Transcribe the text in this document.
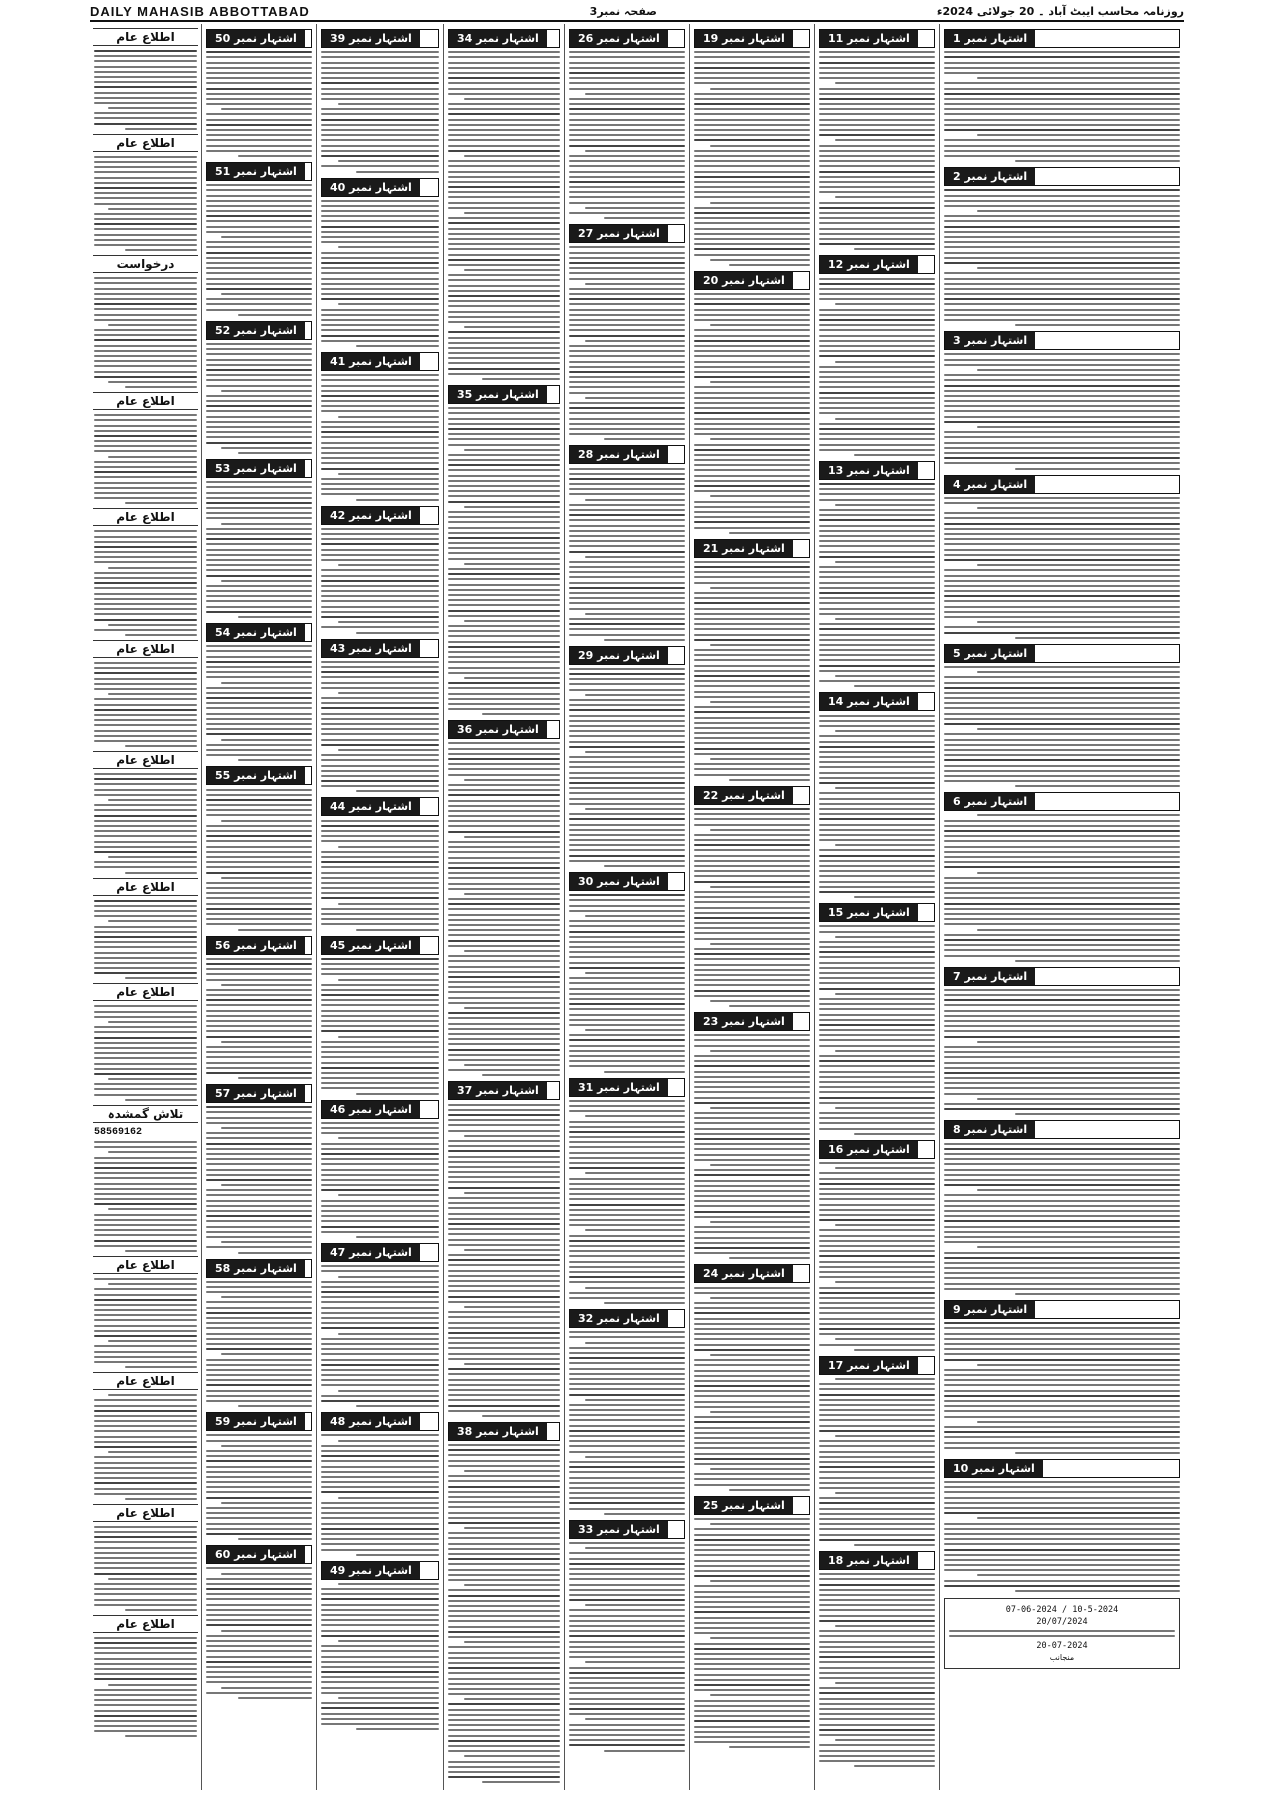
DAILY MAHASIB ABBOTTABAD	صفحہ نمبر3	روزنامہ محاسب ایبٹ آباد ۔ 20 جولائی 2024ء
اطلاع عام
اطلاع عام
درخواست
اطلاع عام
اطلاع عام
اطلاع عام
اطلاع عام
اطلاع عام
اطلاع عام
تلاش گمشدہ
58569162
اطلاع عام
اطلاع عام
اطلاع عام
اطلاع عام
اشتہار نمبر 50
اشتہار نمبر 51
اشتہار نمبر 52
اشتہار نمبر 53
اشتہار نمبر 54
اشتہار نمبر 55
اشتہار نمبر 56
اشتہار نمبر 57
اشتہار نمبر 58
اشتہار نمبر 59
اشتہار نمبر 60
اشتہار نمبر 39
اشتہار نمبر 40
اشتہار نمبر 41
اشتہار نمبر 42
اشتہار نمبر 43
اشتہار نمبر 44
اشتہار نمبر 45
اشتہار نمبر 46
اشتہار نمبر 47
اشتہار نمبر 48
اشتہار نمبر 49
اشتہار نمبر 34
اشتہار نمبر 35
اشتہار نمبر 36
اشتہار نمبر 37
اشتہار نمبر 38
اشتہار نمبر 26
اشتہار نمبر 27
اشتہار نمبر 28
اشتہار نمبر 29
اشتہار نمبر 30
اشتہار نمبر 31
اشتہار نمبر 32
اشتہار نمبر 33
اشتہار نمبر 19
اشتہار نمبر 20
اشتہار نمبر 21
اشتہار نمبر 22
اشتہار نمبر 23
اشتہار نمبر 24
اشتہار نمبر 25
اشتہار نمبر 11
اشتہار نمبر 12
اشتہار نمبر 13
اشتہار نمبر 14
اشتہار نمبر 15
اشتہار نمبر 16
اشتہار نمبر 17
اشتہار نمبر 18
اشتہار نمبر 1
اشتہار نمبر 2
اشتہار نمبر 3
اشتہار نمبر 4
اشتہار نمبر 5
اشتہار نمبر 6
اشتہار نمبر 7
اشتہار نمبر 8
اشتہار نمبر 9
اشتہار نمبر 10
07-06-2024 / 10-5-2024
20/07/2024
20-07-2024
منجانب
